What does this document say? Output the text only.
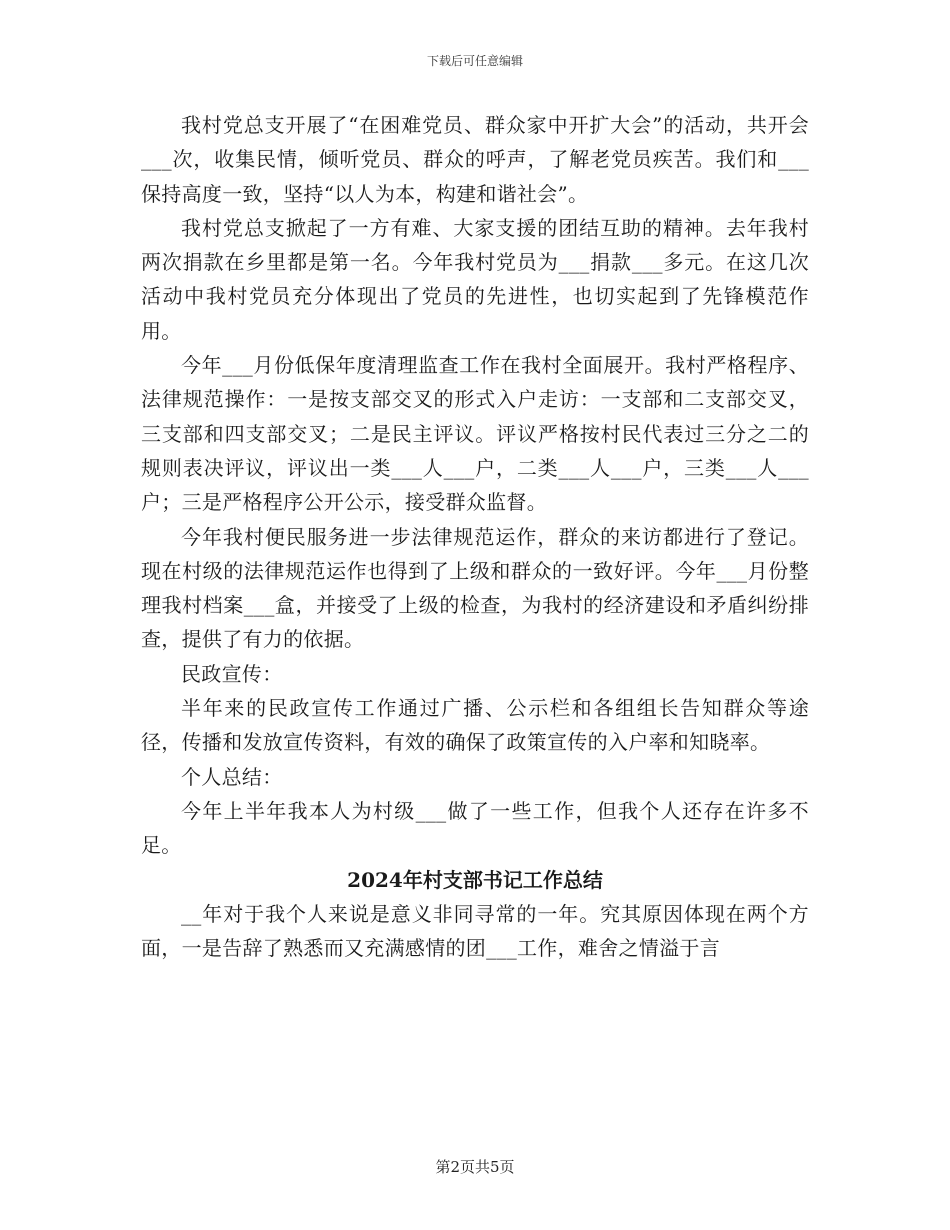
下载后可任意编辑

我村党总支开展了“在困难党员、群众家中开扩大会”的活动，共开会___次，收集民情，倾听党员、群众的呼声，了解老党员疾苦。我们和___保持高度一致，坚持“以人为本，构建和谐社会”。

我村党总支掀起了一方有难、大家支援的团结互助的精神。去年我村两次捐款在乡里都是第一名。今年我村党员为___捐款___多元。在这几次活动中我村党员充分体现出了党员的先进性，也切实起到了先锋模范作用。

今年___月份低保年度清理监查工作在我村全面展开。我村严格程序、法律规范操作：一是按支部交叉的形式入户走访：一支部和二支部交叉，三支部和四支部交叉；二是民主评议。评议严格按村民代表过三分之二的规则表决评议，评议出一类___人___户，二类___人___户，三类___人___户；三是严格程序公开公示，接受群众监督。

今年我村便民服务进一步法律规范运作，群众的来访都进行了登记。现在村级的法律规范运作也得到了上级和群众的一致好评。今年___月份整理我村档案___盒，并接受了上级的检查，为我村的经济建设和矛盾纠纷排查，提供了有力的依据。

民政宣传：

半年来的民政宣传工作通过广播、公示栏和各组组长告知群众等途径，传播和发放宣传资料，有效的确保了政策宣传的入户率和知晓率。

个人总结：

今年上半年我本人为村级___做了一些工作，但我个人还存在许多不足。

2024年村支部书记工作总结

__年对于我个人来说是意义非同寻常的一年。究其原因体现在两个方面，一是告辞了熟悉而又充满感情的团___工作，难舍之情溢于言

第2页共5页
